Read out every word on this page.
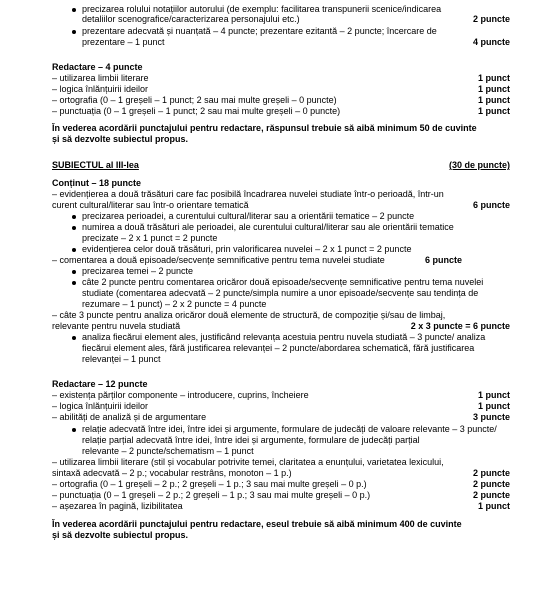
precizarea rolului notațiilor autorului (de exemplu: facilitarea transpunerii scenice/indicarea
detaliilor scenografice/caracterizarea personajului etc.)	2 puncte
prezentare adecvată și nuanțată – 4 puncte; prezentare ezitantă – 2 puncte; încercare de
prezentare – 1 punct	4 puncte
Redactare – 4 puncte
– utilizarea limbii literare	1 punct
– logica înlănțuirii ideilor	1 punct
– ortografia (0 – 1 greșeli – 1 punct; 2 sau mai multe greșeli – 0 puncte)	1 punct
– punctuația (0 – 1 greșeli – 1 punct; 2 sau mai multe greșeli – 0 puncte)	1 punct
În vederea acordării punctajului pentru redactare, răspunsul trebuie să aibă minimum 50 de cuvinte
și să dezvolte subiectul propus.
SUBIECTUL al III-lea	(30 de puncte)
Conținut – 18 puncte
– evidențierea a două trăsături care fac posibilă încadrarea nuvelei studiate într-o perioadă, într-un
curent cultural/literar sau într-o orientare tematică	6 puncte
precizarea perioadei, a curentului cultural/literar sau a orientării tematice – 2 puncte
numirea a două trăsături ale perioadei, ale curentului cultural/literar sau ale orientării tematice
precizate – 2 x 1 punct = 2 puncte
evidențierea celor două trăsături, prin valorificarea nuvelei – 2 x 1 punct = 2 puncte
– comentarea a două episoade/secvențe semnificative pentru tema nuvelei studiate	6 puncte
precizarea temei – 2 puncte
câte 2 puncte pentru comentarea oricăror două episoade/secvențe semnificative pentru tema nuvelei
studiate (comentarea adecvată – 2 puncte/simpla numire a unor episoade/secvențe sau tendința de
rezumare – 1 punct) – 2 x 2 puncte = 4 puncte
– câte 3 puncte pentru analiza oricăror două elemente de structură, de compoziție și/sau de limbaj,
relevante pentru nuvela studiată	2 x 3 puncte = 6 puncte
analiza fiecărui element ales, justificând relevanța acestuia pentru nuvela studiată – 3 puncte/ analiza
fiecărui element ales, fără justificarea relevanței – 2 puncte/abordarea schematică, fără justificarea
relevanței – 1 punct
Redactare – 12 puncte
– existența părților componente – introducere, cuprins, încheiere	1 punct
– logica înlănțuirii ideilor	1 punct
– abilități de analiză și de argumentare	3 puncte
relație adecvată între idei, între idei și argumente, formulare de judecăți de valoare relevante – 3 puncte/
relație parțial adecvată între idei, între idei și argumente, formulare de judecăți parțial
relevante – 2 puncte/schematism – 1 punct
– utilizarea limbii literare (stil și vocabular potrivite temei, claritatea a enunțului, varietatea lexicului,
sintaxă adecvată – 2 p.; vocabular restrâns, monoton – 1 p.)	2 puncte
– ortografia (0 – 1 greșeli – 2 p.; 2 greșeli – 1 p.; 3 sau mai multe greșeli – 0 p.)	2 puncte
– punctuația (0 – 1 greșeli – 2 p.; 2 greșeli – 1 p.; 3 sau mai multe greșeli – 0 p.)	2 puncte
– așezarea în pagină, lizibilitatea	1 punct
În vederea acordării punctajului pentru redactare, eseul trebuie să aibă minimum 400 de cuvinte
și să dezvolte subiectul propus.
